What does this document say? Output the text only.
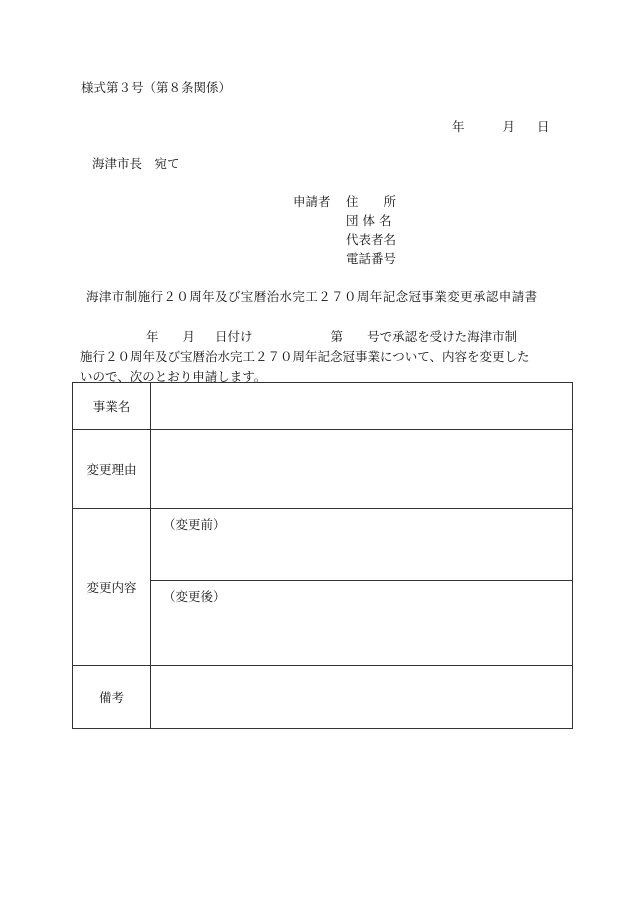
様式第３号（第８条関係）
年	月 日
海津市長　宛て
申請者 住　　所
団 体 名
代表者名
電話番号
海津市制施行２０周年及び宝暦治水完工２７０周年記念冠事業変更承認申請書
年 月 日付け	第 号で承認を受けた海津市制
施行２０周年及び宝暦治水完工２７０周年記念冠事業について、内容を変更した
いので、次のとおり申請します。
事業名	
変更理由	
変更内容	（変更前）
（変更後）

備考	
